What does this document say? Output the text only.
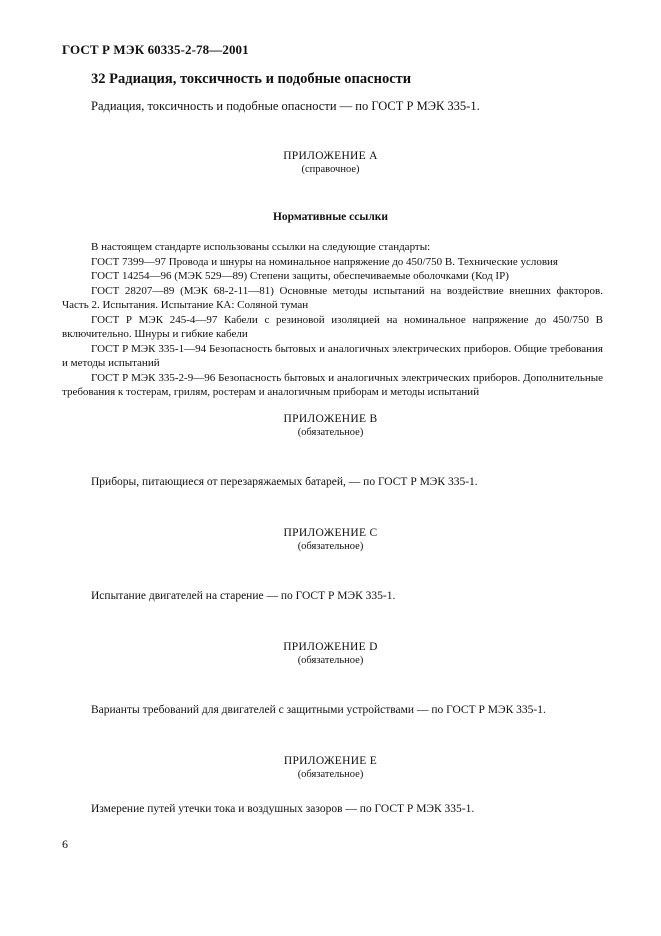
ГОСТ Р МЭК 60335-2-78—2001
32 Радиация, токсичность и подобные опасности
Радиация, токсичность и подобные опасности — по ГОСТ Р МЭК 335-1.
ПРИЛОЖЕНИЕ А
(справочное)
Нормативные ссылки

В настоящем стандарте использованы ссылки на следующие стандарты:

ГОСТ 7399—97 Провода и шнуры на номинальное напряжение до 450/750 В. Технические условия

ГОСТ 14254—96 (МЭК 529—89) Степени защиты, обеспечиваемые оболочками (Код IP)

ГОСТ 28207—89 (МЭК 68-2-11—81) Основные методы испытаний на воздействие внешних факторов. Часть 2. Испытания. Испытание КА: Соляной туман

ГОСТ Р МЭК 245-4—97 Кабели с резиновой изоляцией на номинальное напряжение до 450/750 В включительно. Шнуры и гибкие кабели

ГОСТ Р МЭК 335-1—94 Безопасность бытовых и аналогичных электрических приборов. Общие требования и методы испытаний

ГОСТ Р МЭК 335-2-9—96 Безопасность бытовых и аналогичных электрических приборов. Дополнительные требования к тостерам, грилям, ростерам и аналогичным приборам и методы испытаний

ПРИЛОЖЕНИЕ В
(обязательное)
Приборы, питающиеся от перезаряжаемых батарей, — по ГОСТ Р МЭК 335-1.
ПРИЛОЖЕНИЕ С
(обязательное)
Испытание двигателей на старение — по ГОСТ Р МЭК 335-1.
ПРИЛОЖЕНИЕ D
(обязательное)
Варианты требований для двигателей с защитными устройствами — по ГОСТ Р МЭК 335-1.
ПРИЛОЖЕНИЕ Е
(обязательное)
Измерение путей утечки тока и воздушных зазоров — по ГОСТ Р МЭК 335-1.
6
